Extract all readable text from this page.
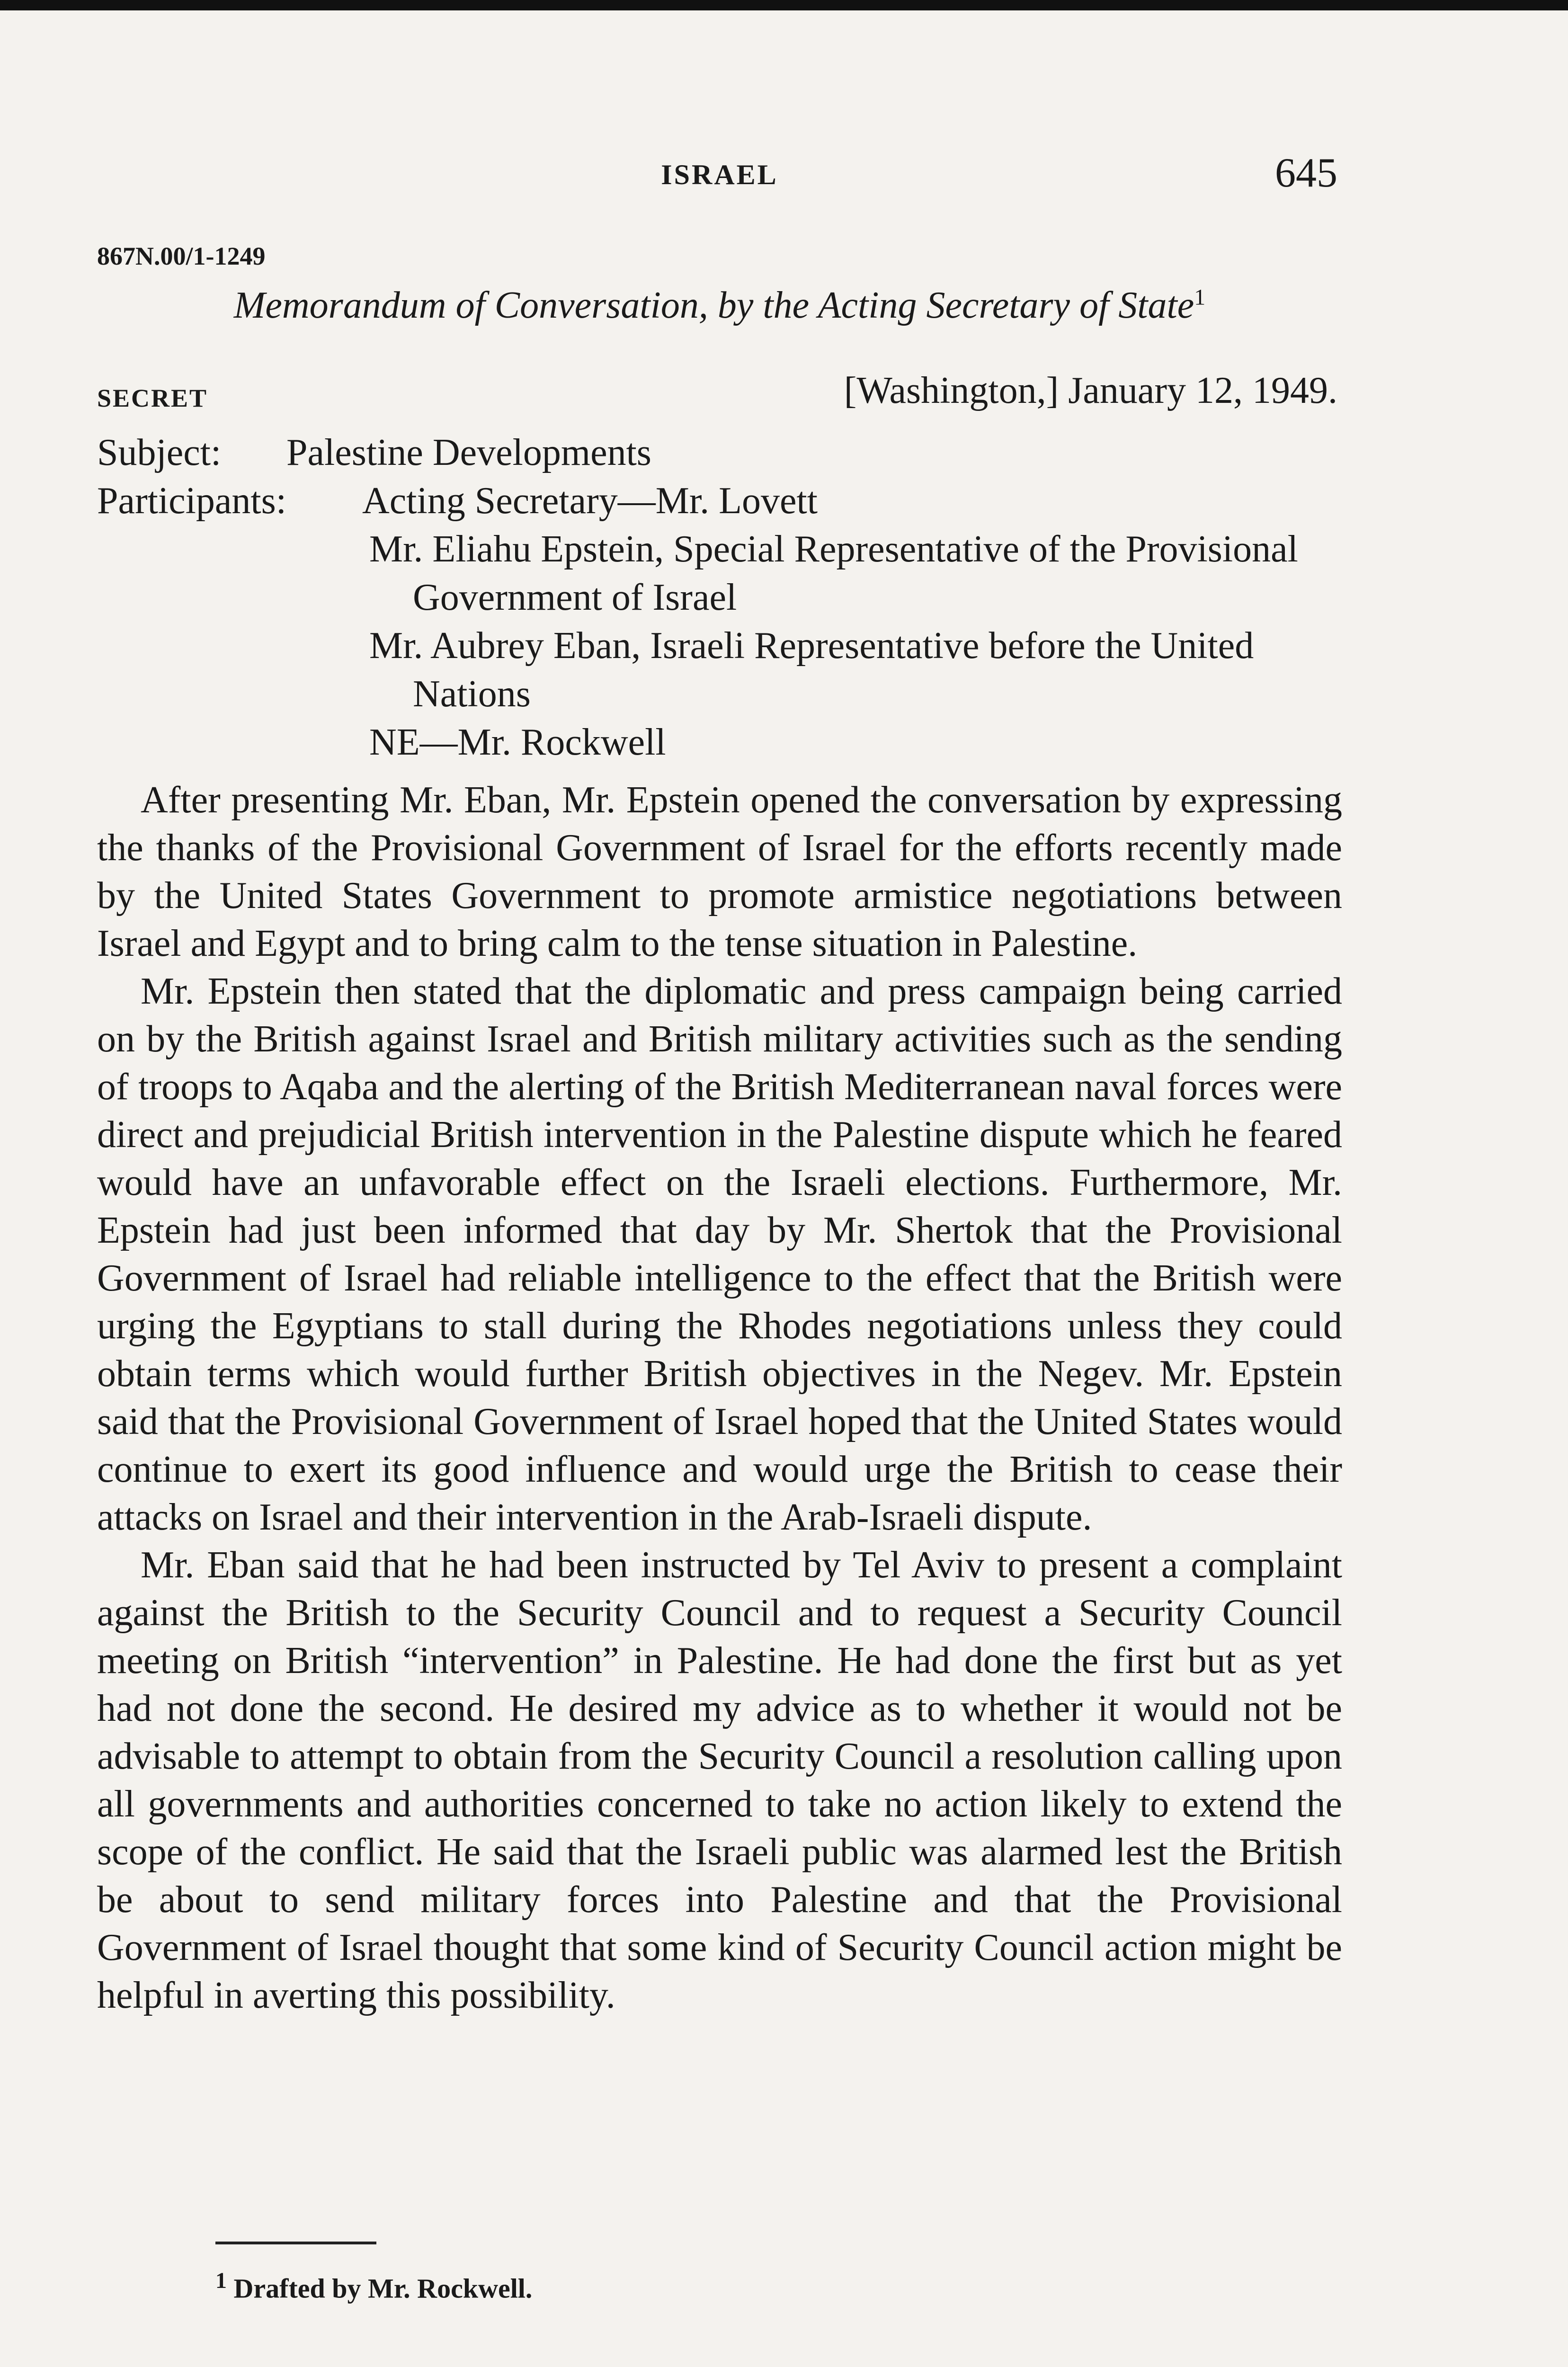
ISRAEL	645
867N.00/1-1249
Memorandum of Conversation, by the Acting Secretary of State$^1$
SECRET	[Washington,] January 12, 1949.
Subject:	Palestine Developments
Participants:	Acting Secretary—Mr. Lovett
Mr. Eliahu Epstein, Special Representative of the Provisional Government of Israel
Mr. Aubrey Eban, Israeli Representative before the United Nations
NE—Mr. Rockwell

After presenting Mr. Eban, Mr. Epstein opened the conversation by expressing the thanks of the Provisional Government of Israel for the efforts recently made by the United States Government to promote armistice negotiations between Israel and Egypt and to bring calm to the tense situation in Palestine.

Mr. Epstein then stated that the diplomatic and press campaign being carried on by the British against Israel and British military activities such as the sending of troops to Aqaba and the alerting of the British Mediterranean naval forces were direct and prejudicial British intervention in the Palestine dispute which he feared would have an unfavorable effect on the Israeli elections. Furthermore, Mr. Epstein had just been informed that day by Mr. Shertok that the Provisional Government of Israel had reliable intelligence to the effect that the British were urging the Egyptians to stall during the Rhodes negotiations unless they could obtain terms which would further British objectives in the Negev. Mr. Epstein said that the Provisional Government of Israel hoped that the United States would continue to exert its good influence and would urge the British to cease their attacks on Israel and their intervention in the Arab-Israeli dispute.

Mr. Eban said that he had been instructed by Tel Aviv to present a complaint against the British to the Security Council and to request a Security Council meeting on British “intervention” in Palestine. He had done the first but as yet had not done the second. He desired my advice as to whether it would not be advisable to attempt to obtain from the Security Council a resolution calling upon all governments and authorities concerned to take no action likely to extend the scope of the conflict. He said that the Israeli public was alarmed lest the British be about to send military forces into Palestine and that the Provisional Government of Israel thought that some kind of Security Council action might be helpful in averting this possibility.

$^1$ Drafted by Mr. Rockwell.
